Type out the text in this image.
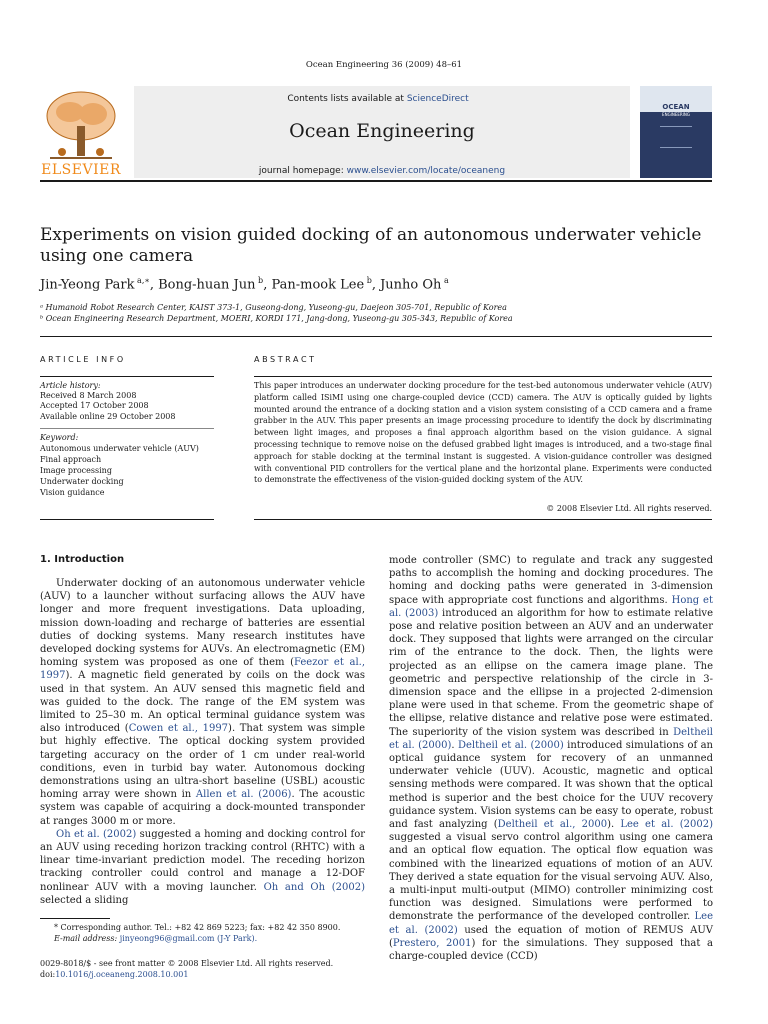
Ocean Engineering 36 (2009) 48–61
Contents lists available at ScienceDirect
Ocean Engineering
journal homepage: www.elsevier.com/locate/oceaneng
ELSEVIER
OCEAN
ENGINEERING
Experiments on vision guided docking of an autonomous underwater vehicle using one camera
Jin-Yeong Park $^{a,∗}$, Bong-huan Jun $^b$, Pan-mook Lee $^b$, Junho Oh $^a$
ᵃ Humanoid Robot Research Center, KAIST 373-1, Guseong-dong, Yuseong-gu, Daejeon 305-701, Republic of Korea
ᵇ Ocean Engineering Research Department, MOERI, KORDI 171, Jang-dong, Yuseong-gu 305-343, Republic of Korea
ARTICLE INFO
Article history:
Received 8 March 2008
Accepted 17 October 2008
Available online 29 October 2008
Keyword:
Autonomous underwater vehicle (AUV)
Final approach
Image processing
Underwater docking
Vision guidance
ABSTRACT
This paper introduces an underwater docking procedure for the test-bed autonomous underwater vehicle (AUV) platform called ISiMI using one charge-coupled device (CCD) camera. The AUV is optically guided by lights mounted around the entrance of a docking station and a vision system consisting of a CCD camera and a frame grabber in the AUV. This paper presents an image processing procedure to identify the dock by discriminating between light images, and proposes a final approach algorithm based on the vision guidance. A signal processing technique to remove noise on the defused grabbed light images is introduced, and a two-stage final approach for stable docking at the terminal instant is suggested. A vision-guidance controller was designed with conventional PID controllers for the vertical plane and the horizontal plane. Experiments were conducted to demonstrate the effectiveness of the vision-guided docking system of the AUV.
© 2008 Elsevier Ltd. All rights reserved.
1. Introduction

Underwater docking of an autonomous underwater vehicle (AUV) to a launcher without surfacing allows the AUV have longer and more frequent investigations. Data uploading, mission down-loading and recharge of batteries are essential duties of docking systems. Many research institutes have developed docking systems for AUVs. An electromagnetic (EM) homing system was proposed as one of them (Feezor et al., 1997). A magnetic field generated by coils on the dock was used in that system. An AUV sensed this magnetic field and was guided to the dock. The range of the EM system was limited to 25–30 m. An optical terminal guidance system was also introduced (Cowen et al., 1997). That system was simple but highly effective. The optical docking system provided targeting accuracy on the order of 1 cm under real-world conditions, even in turbid bay water. Autonomous docking demonstrations using an ultra-short baseline (USBL) acoustic homing array were shown in Allen et al. (2006). The acoustic system was capable of acquiring a dock-mounted transponder at ranges 3000 m or more.

Oh et al. (2002) suggested a homing and docking control for an AUV using receding horizon tracking control (RHTC) with a linear time-invariant prediction model. The receding horizon tracking controller could control and manage a 12-DOF nonlinear AUV with a moving launcher. Oh and Oh (2002) selected a sliding

mode controller (SMC) to regulate and track any suggested paths to accomplish the homing and docking procedures. The homing and docking paths were generated in 3-dimension space with appropriate cost functions and algorithms. Hong et al. (2003) introduced an algorithm for how to estimate relative pose and relative position between an AUV and an underwater dock. They supposed that lights were arranged on the circular rim of the entrance to the dock. Then, the lights were projected as an ellipse on the camera image plane. The geometric and perspective relationship of the circle in 3-dimension space and the ellipse in a projected 2-dimension plane were used in that scheme. From the geometric shape of the ellipse, relative distance and relative pose were estimated. The superiority of the vision system was described in Deltheil et al. (2000). Deltheil et al. (2000) introduced simulations of an optical guidance system for recovery of an unmanned underwater vehicle (UUV). Acoustic, magnetic and optical sensing methods were compared. It was shown that the optical method is superior and the best choice for the UUV recovery guidance system. Vision systems can be easy to operate, robust and fast analyzing (Deltheil et al., 2000). Lee et al. (2002) suggested a visual servo control algorithm using one camera and an optical flow equation. The optical flow equation was combined with the linearized equations of motion of an AUV. They derived a state equation for the visual servoing AUV. Also, a multi-input multi-output (MIMO) controller minimizing cost function was designed. Simulations were performed to demonstrate the performance of the developed controller. Lee et al. (2002) used the equation of motion of REMUS AUV (Prestero, 2001) for the simulations. They supposed that a charge-coupled device (CCD)

* Corresponding author. Tel.: +82 42 869 5223; fax: +82 42 350 8900.
E-mail address: jinyeong96@gmail.com (J-Y Park).
0029-8018/$ - see front matter © 2008 Elsevier Ltd. All rights reserved.
doi:10.1016/j.oceaneng.2008.10.001
